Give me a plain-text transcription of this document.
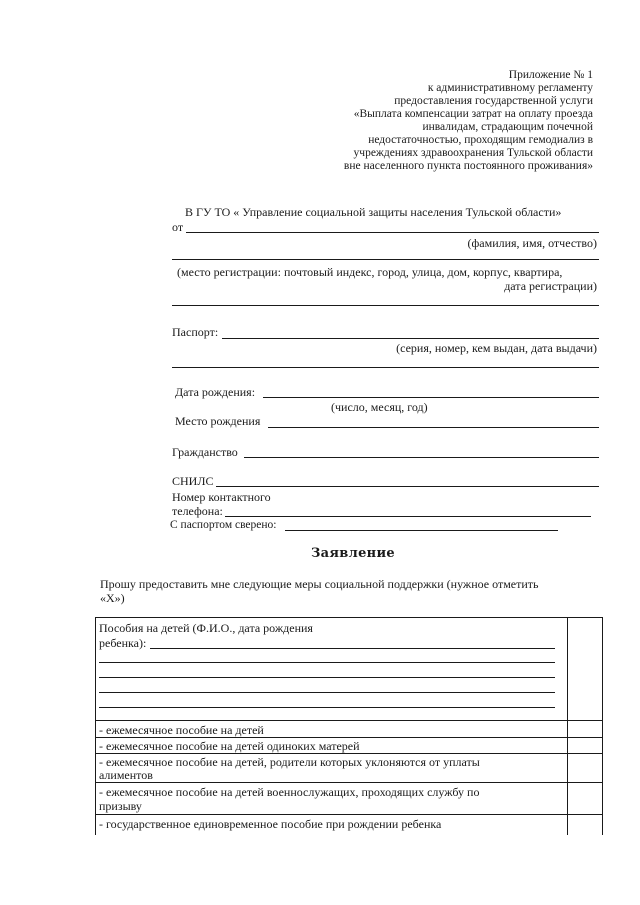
Приложение № 1
к административному регламенту
предоставления государственной услуги
«Выплата компенсации затрат на оплату проезда
инвалидам, страдающим почечной
недостаточностью, проходящим гемодиализ в
учреждениях здравоохранения Тульской области
вне населенного пункта постоянного проживания»
В ГУ ТО « Управление социальной защиты населения Тульской области»
от
(фамилия, имя, отчество)
(место регистрации: почтовый индекс, город, улица, дом, корпус, квартира,
дата регистрации)
Паспорт:
(серия, номер, кем выдан, дата выдачи)
Дата рождения:
(число, месяц, год)
Место рождения
Гражданство
СНИЛС
Номер контактного
телефона:
С паспортом сверено:
Заявление
Прошу предоставить мне следующие меры социальной поддержки (нужное отметить
«Х»)
Пособия на детей (Ф.И.О., дата рождения
ребенка):
- ежемесячное пособие на детей
- ежемесячное пособие на детей одиноких матерей
- ежемесячное пособие на детей, родители которых уклоняются от уплаты
алиментов
- ежемесячное пособие на детей военнослужащих, проходящих службу по
призыву
- государственное единовременное пособие при рождении ребенка
